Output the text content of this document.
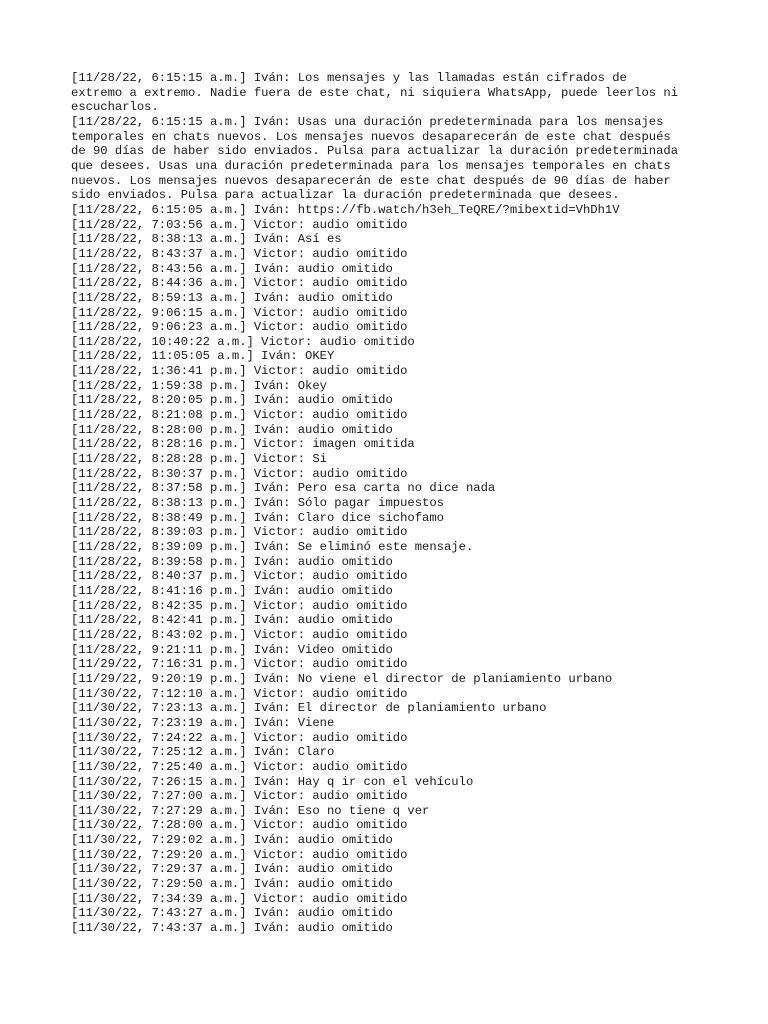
[11/28/22, 6:15:15 a.m.] Iván: Los mensajes y las llamadas están cifrados de
extremo a extremo. Nadie fuera de este chat, ni siquiera WhatsApp, puede leerlos ni
escucharlos.
[11/28/22, 6:15:15 a.m.] Iván: Usas una duración predeterminada para los mensajes
temporales en chats nuevos. Los mensajes nuevos desaparecerán de este chat después
de 90 días de haber sido enviados. Pulsa para actualizar la duración predeterminada
que desees. Usas una duración predeterminada para los mensajes temporales en chats
nuevos. Los mensajes nuevos desaparecerán de este chat después de 90 días de haber
sido enviados. Pulsa para actualizar la duración predeterminada que desees.
[11/28/22, 6:15:05 a.m.] Iván: https://fb.watch/h3eh_TeQRE/?mibextid=VhDh1V
[11/28/22, 7:03:56 a.m.] Victor: audio omitido
[11/28/22, 8:38:13 a.m.] Iván: Así es
[11/28/22, 8:43:37 a.m.] Victor: audio omitido
[11/28/22, 8:43:56 a.m.] Iván: audio omitido
[11/28/22, 8:44:36 a.m.] Victor: audio omitido
[11/28/22, 8:59:13 a.m.] Iván: audio omitido
[11/28/22, 9:06:15 a.m.] Victor: audio omitido
[11/28/22, 9:06:23 a.m.] Victor: audio omitido
[11/28/22, 10:40:22 a.m.] Victor: audio omitido
[11/28/22, 11:05:05 a.m.] Iván: OKEY
[11/28/22, 1:36:41 p.m.] Victor: audio omitido
[11/28/22, 1:59:38 p.m.] Iván: Okey
[11/28/22, 8:20:05 p.m.] Iván: audio omitido
[11/28/22, 8:21:08 p.m.] Victor: audio omitido
[11/28/22, 8:28:00 p.m.] Iván: audio omitido
[11/28/22, 8:28:16 p.m.] Victor: imagen omitida
[11/28/22, 8:28:28 p.m.] Victor: Si
[11/28/22, 8:30:37 p.m.] Victor: audio omitido
[11/28/22, 8:37:58 p.m.] Iván: Pero esa carta no dice nada
[11/28/22, 8:38:13 p.m.] Iván: Sólo pagar impuestos
[11/28/22, 8:38:49 p.m.] Iván: Claro dice sichofamo
[11/28/22, 8:39:03 p.m.] Victor: audio omitido
[11/28/22, 8:39:09 p.m.] Iván: Se eliminó este mensaje.
[11/28/22, 8:39:58 p.m.] Iván: audio omitido
[11/28/22, 8:40:37 p.m.] Victor: audio omitido
[11/28/22, 8:41:16 p.m.] Iván: audio omitido
[11/28/22, 8:42:35 p.m.] Victor: audio omitido
[11/28/22, 8:42:41 p.m.] Iván: audio omitido
[11/28/22, 8:43:02 p.m.] Victor: audio omitido
[11/28/22, 9:21:11 p.m.] Iván: Video omitido
[11/29/22, 7:16:31 p.m.] Victor: audio omitido
[11/29/22, 9:20:19 p.m.] Iván: No viene el director de planiamiento urbano
[11/30/22, 7:12:10 a.m.] Victor: audio omitido
[11/30/22, 7:23:13 a.m.] Iván: El director de planiamiento urbano
[11/30/22, 7:23:19 a.m.] Iván: Viene
[11/30/22, 7:24:22 a.m.] Victor: audio omitido
[11/30/22, 7:25:12 a.m.] Iván: Claro
[11/30/22, 7:25:40 a.m.] Victor: audio omitido
[11/30/22, 7:26:15 a.m.] Iván: Hay q ir con el vehículo
[11/30/22, 7:27:00 a.m.] Victor: audio omitido
[11/30/22, 7:27:29 a.m.] Iván: Eso no tiene q ver
[11/30/22, 7:28:00 a.m.] Victor: audio omitido
[11/30/22, 7:29:02 a.m.] Iván: audio omitido
[11/30/22, 7:29:20 a.m.] Victor: audio omitido
[11/30/22, 7:29:37 a.m.] Iván: audio omitido
[11/30/22, 7:29:50 a.m.] Iván: audio omitido
[11/30/22, 7:34:39 a.m.] Victor: audio omitido
[11/30/22, 7:43:27 a.m.] Iván: audio omitido
[11/30/22, 7:43:37 a.m.] Iván: audio omitido
